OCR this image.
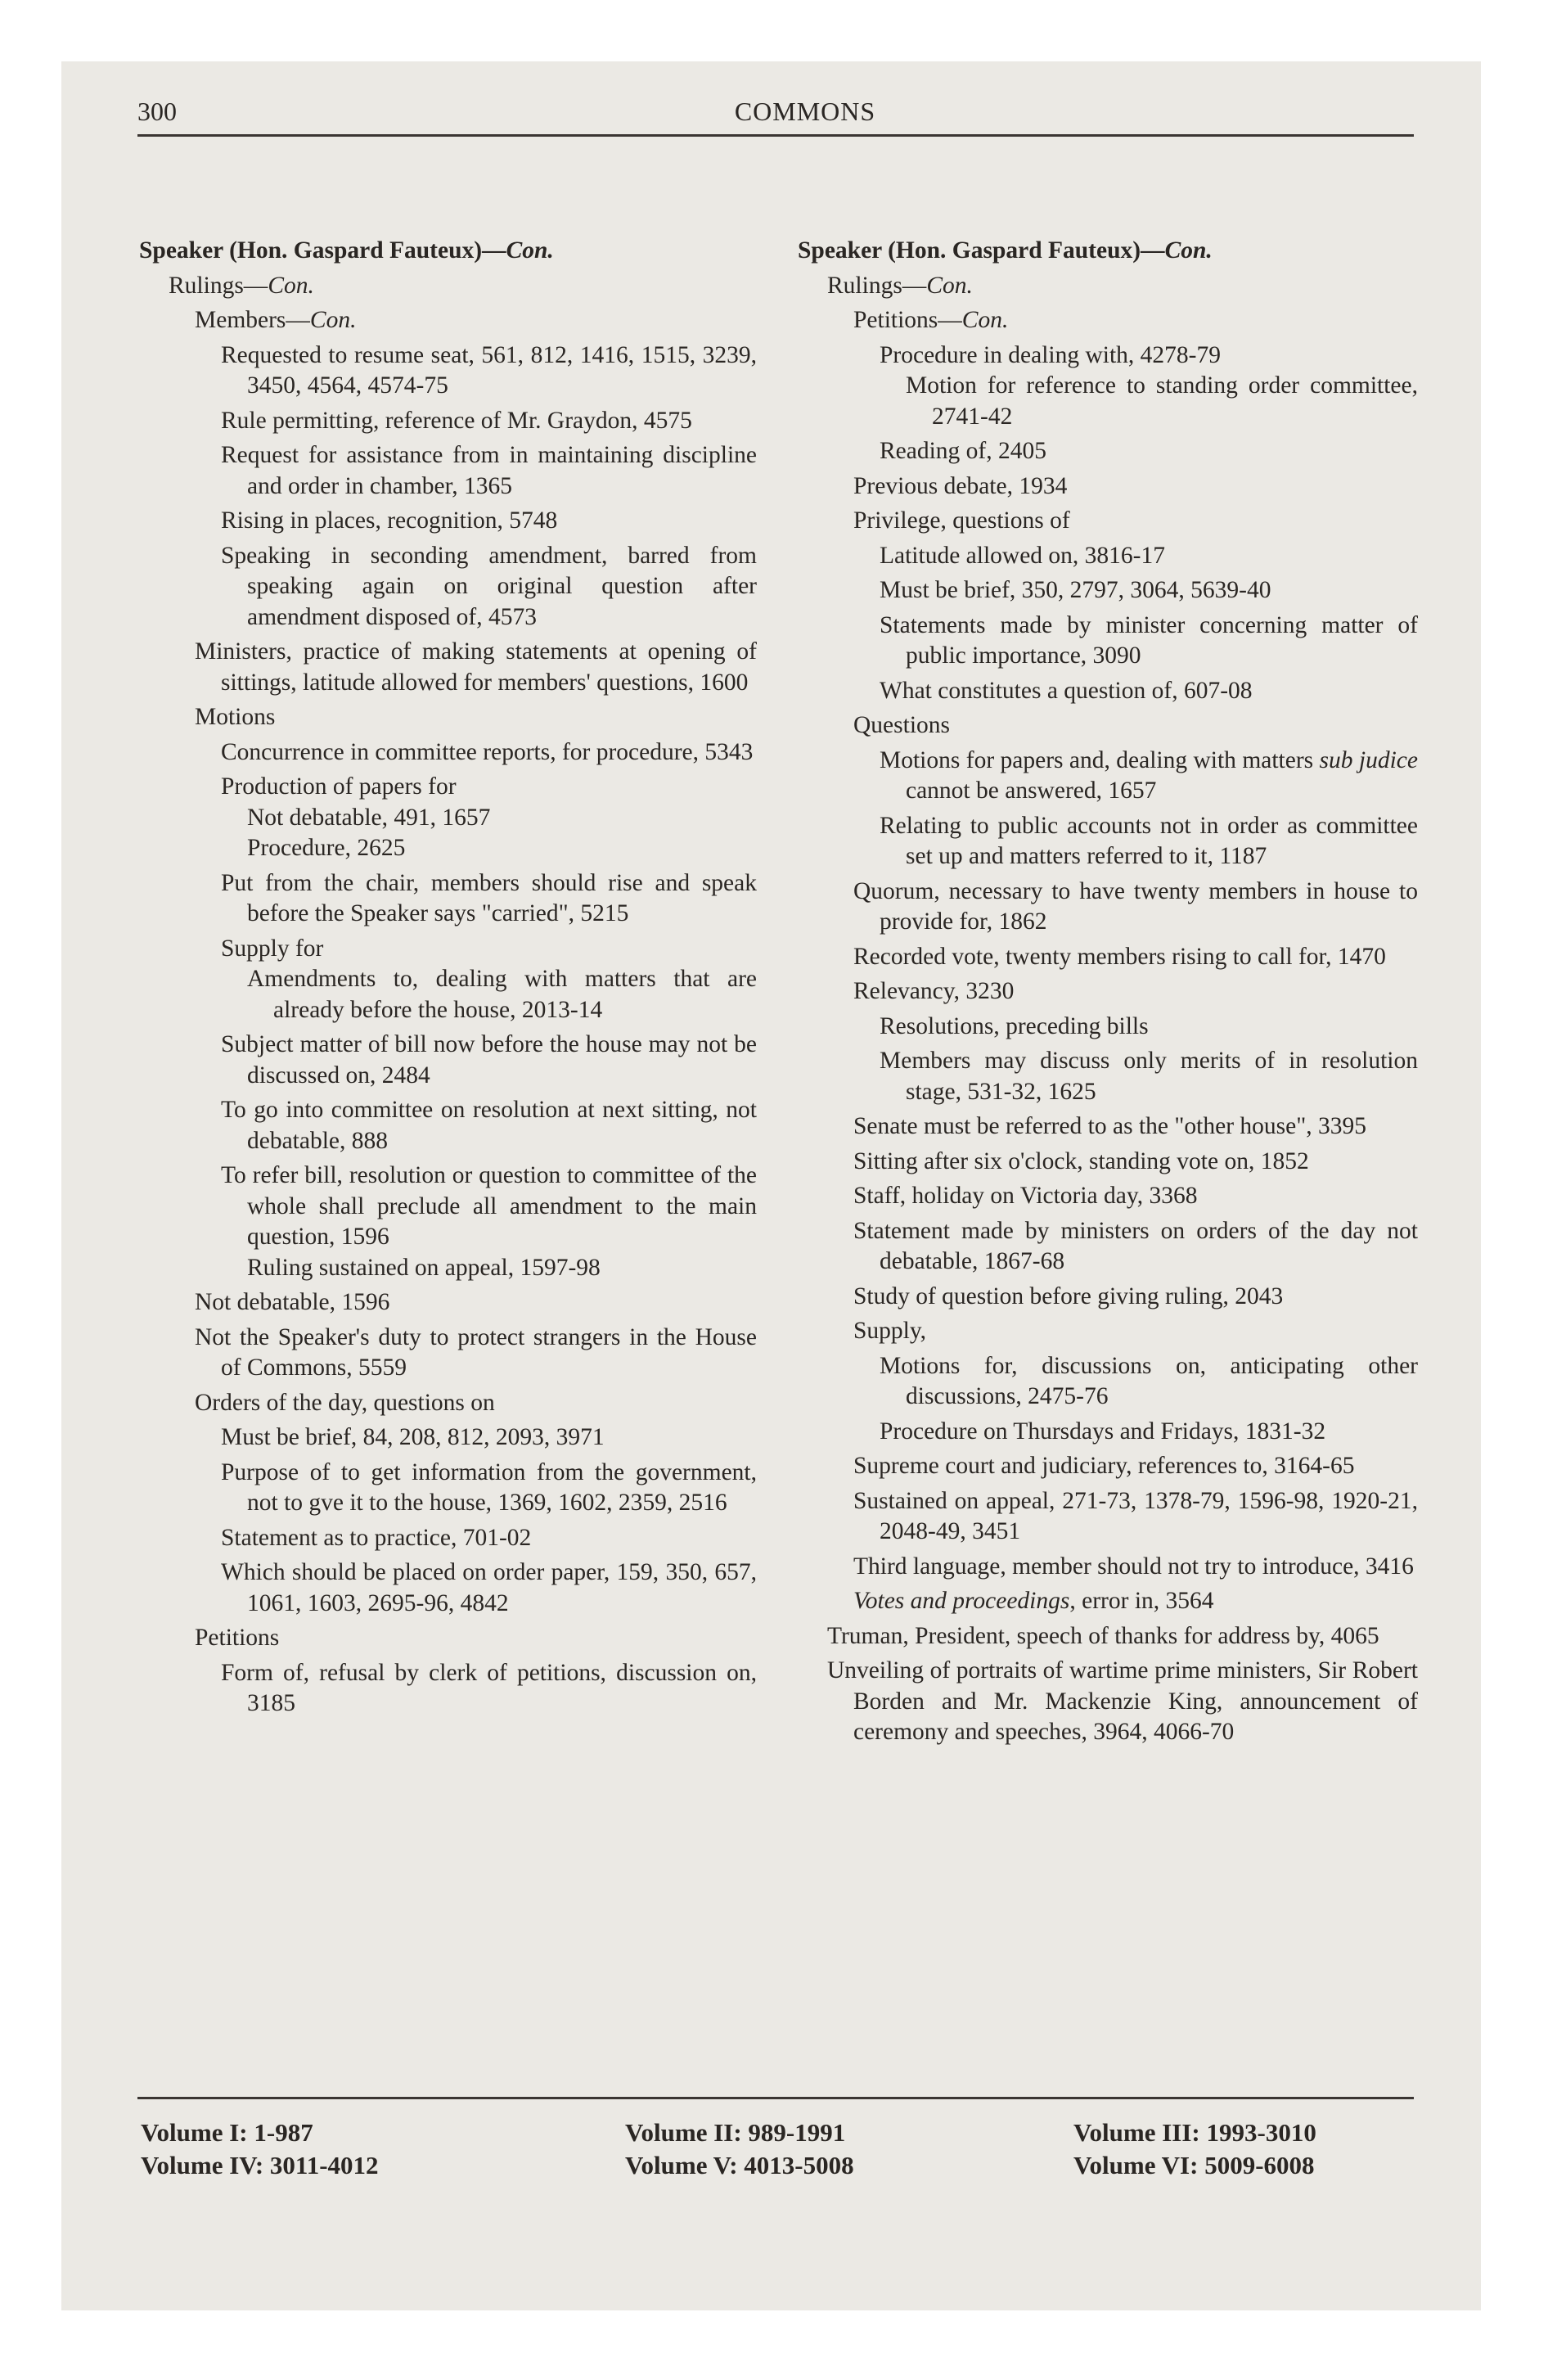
300	COMMONS

Speaker (Hon. Gaspard Fauteux)—Con.

Rulings—Con.

Members—Con.

Requested to resume seat, 561, 812, 1416, 1515, 3239, 3450, 4564, 4574-75

Rule permitting, reference of Mr. Graydon, 4575

Request for assistance from in maintaining discipline and order in chamber, 1365

Rising in places, recognition, 5748

Speaking in seconding amendment, barred from speaking again on original question after amendment disposed of, 4573

Ministers, practice of making statements at opening of sittings, latitude allowed for members' questions, 1600

Motions

Concurrence in committee reports, for procedure, 5343

Production of papers for

Not debatable, 491, 1657

Procedure, 2625

Put from the chair, members should rise and speak before the Speaker says "carried", 5215

Supply for

Amendments to, dealing with matters that are already before the house, 2013-14

Subject matter of bill now before the house may not be discussed on, 2484

To go into committee on resolution at next sitting, not debatable, 888

To refer bill, resolution or question to committee of the whole shall preclude all amendment to the main question, 1596

Ruling sustained on appeal, 1597-98

Not debatable, 1596

Not the Speaker's duty to protect strangers in the House of Commons, 5559

Orders of the day, questions on

Must be brief, 84, 208, 812, 2093, 3971

Purpose of to get information from the government, not to gve it to the house, 1369, 1602, 2359, 2516

Statement as to practice, 701-02

Which should be placed on order paper, 159, 350, 657, 1061, 1603, 2695-96, 4842

Petitions

Form of, refusal by clerk of petitions, discussion on, 3185

Speaker (Hon. Gaspard Fauteux)—Con.

Rulings—Con.

Petitions—Con.

Procedure in dealing with, 4278-79

Motion for reference to standing order committee, 2741-42

Reading of, 2405

Previous debate, 1934

Privilege, questions of

Latitude allowed on, 3816-17

Must be brief, 350, 2797, 3064, 5639-40

Statements made by minister concerning matter of public importance, 3090

What constitutes a question of, 607-08

Questions

Motions for papers and, dealing with matters sub judice cannot be answered, 1657

Relating to public accounts not in order as committee set up and matters referred to it, 1187

Quorum, necessary to have twenty members in house to provide for, 1862

Recorded vote, twenty members rising to call for, 1470

Relevancy, 3230

Resolutions, preceding bills

Members may discuss only merits of in resolution stage, 531-32, 1625

Senate must be referred to as the "other house", 3395

Sitting after six o'clock, standing vote on, 1852

Staff, holiday on Victoria day, 3368

Statement made by ministers on orders of the day not debatable, 1867-68

Study of question before giving ruling, 2043

Supply,

Motions for, discussions on, anticipating other discussions, 2475-76

Procedure on Thursdays and Fridays, 1831-32

Supreme court and judiciary, references to, 3164-65

Sustained on appeal, 271-73, 1378-79, 1596-98, 1920-21, 2048-49, 3451

Third language, member should not try to introduce, 3416

Votes and proceedings, error in, 3564

Truman, President, speech of thanks for address by, 4065

Unveiling of portraits of wartime prime ministers, Sir Robert Borden and Mr. Mackenzie King, announcement of ceremony and speeches, 3964, 4066-70

Volume I: 1-987
Volume IV: 3011-4012
Volume II: 989-1991
Volume V: 4013-5008
Volume III: 1993-3010
Volume VI: 5009-6008
